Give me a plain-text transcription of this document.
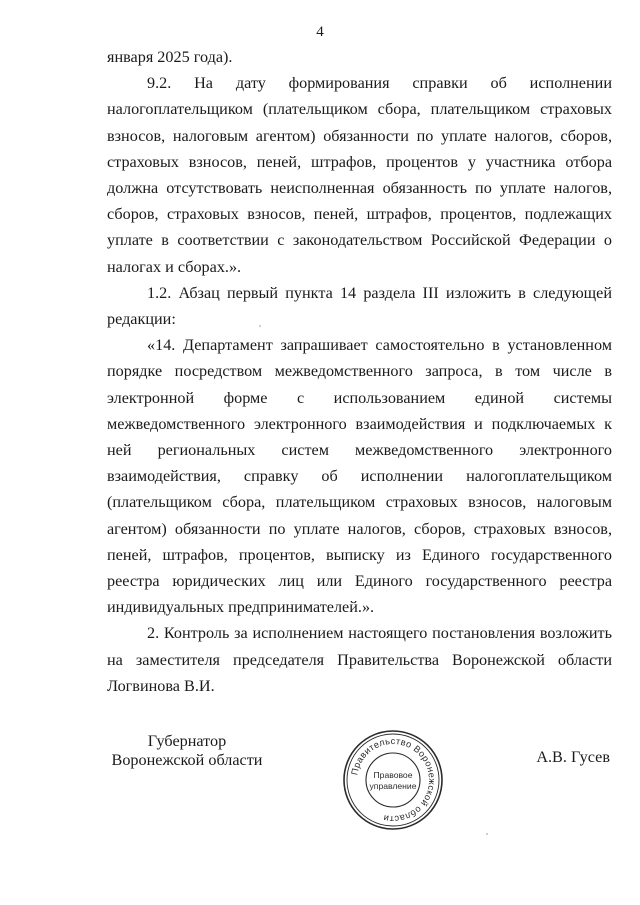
4

января 2025 года).

9.2. На дату формирования справки об исполнении налогоплательщиком (плательщиком сбора, плательщиком страховых взносов, налоговым агентом) обязанности по уплате налогов, сборов, страховых взносов, пеней, штрафов, процентов у участника отбора должна отсутствовать неисполненная обязанность по уплате налогов, сборов, страховых взносов, пеней, штрафов, процентов, подлежащих уплате в соответствии с законодательством Российской Федерации о налогах и сборах.».

1.2. Абзац первый пункта 14 раздела III изложить в следующей редакции:

«14. Департамент запрашивает самостоятельно в установленном порядке посредством межведомственного запроса, в том числе в электронной форме с использованием единой системы межведомственного электронного взаимодействия и подключаемых к ней региональных систем межведомственного электронного взаимодействия, справку об исполнении налогоплательщиком (плательщиком сбора, плательщиком страховых взносов, налоговым агентом) обязанности по уплате налогов, сборов, страховых взносов, пеней, штрафов, процентов, выписку из Единого государственного реестра юридических лиц или Единого государственного реестра индивидуальных предпринимателей.».

2. Контроль за исполнением настоящего постановления возложить на заместителя председателя Правительства Воронежской области Логвинова В.И.

Губернатор
Воронежской области
Правительство Воронежской области
Правовое
управление
А.В. Гусев
